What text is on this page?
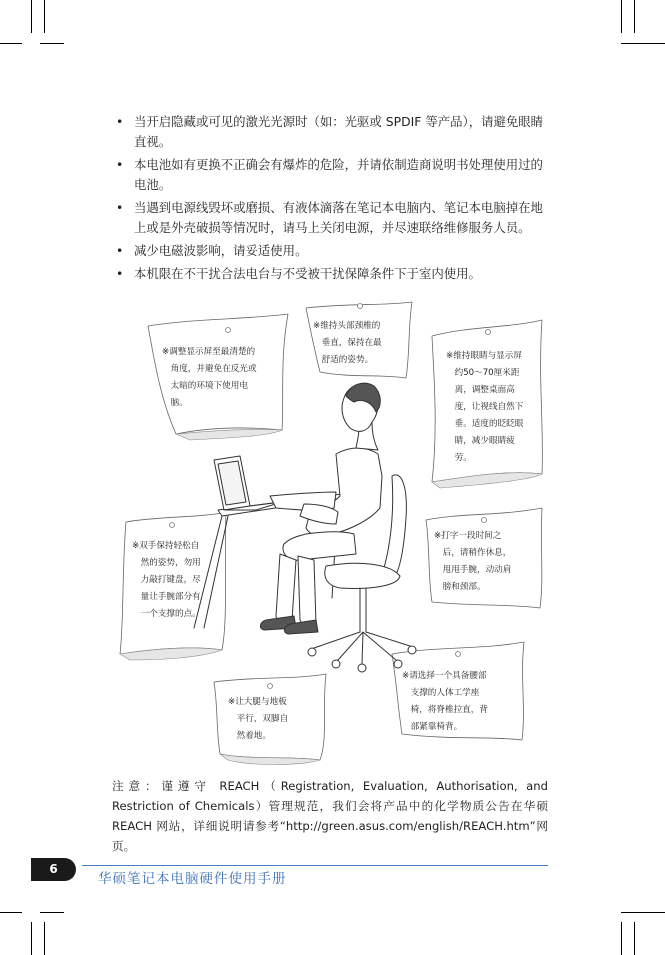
• 当开启隐藏或可见的激光光源时（如：光驱或 SPDIF 等产品），请避免眼睛直视。
• 本电池如有更换不正确会有爆炸的危险，并请依制造商说明书处理使用过的电池。
• 当遇到电源线毁坏或磨损、有液体滴落在笔记本电脑内、笔记本电脑掉在地上或是外壳破损等情况时，请马上关闭电源，并尽速联络维修服务人员。
• 减少电磁波影响，请妥适使用。
• 本机限在不干扰合法电台与不受被干扰保障条件下于室内使用。
※调整显示屏至最清楚的
　角度，并避免在反光或
　太暗的环境下使用电
　脑。
※维持头部颈椎的
　垂直，保持在最
　舒适的姿势。	※维持眼睛与显示屏
　约50～70厘米距
　离，调整桌面高
　度，让视线自然下
　垂。适度的眨眨眼
　睛，减少眼睛疲
　劳。
※双手保持轻松自
　然的姿势，勿用
　力敲打键盘，尽
　量让手腕部分有
　一个支撑的点。
※打字一段时间之
　后，请稍作休息，
　甩甩手腕，动动肩
　膀和颈部。
※让大腿与地板
　平行，双脚自
　然着地。
※请选择一个具备腰部
　支撑的人体工学座
　椅，将脊椎拉直，背
　部紧靠椅背。

注意：谨遵守 REACH（Registration, Evaluation, Authorisation, and Restriction of Chemicals）管理规范，我们会将产品中的化学物质公告在华硕 REACH 网站，详细说明请参考“http://green.asus.com/english/REACH.htm”网页。

6
华硕笔记本电脑硬件使用手册
